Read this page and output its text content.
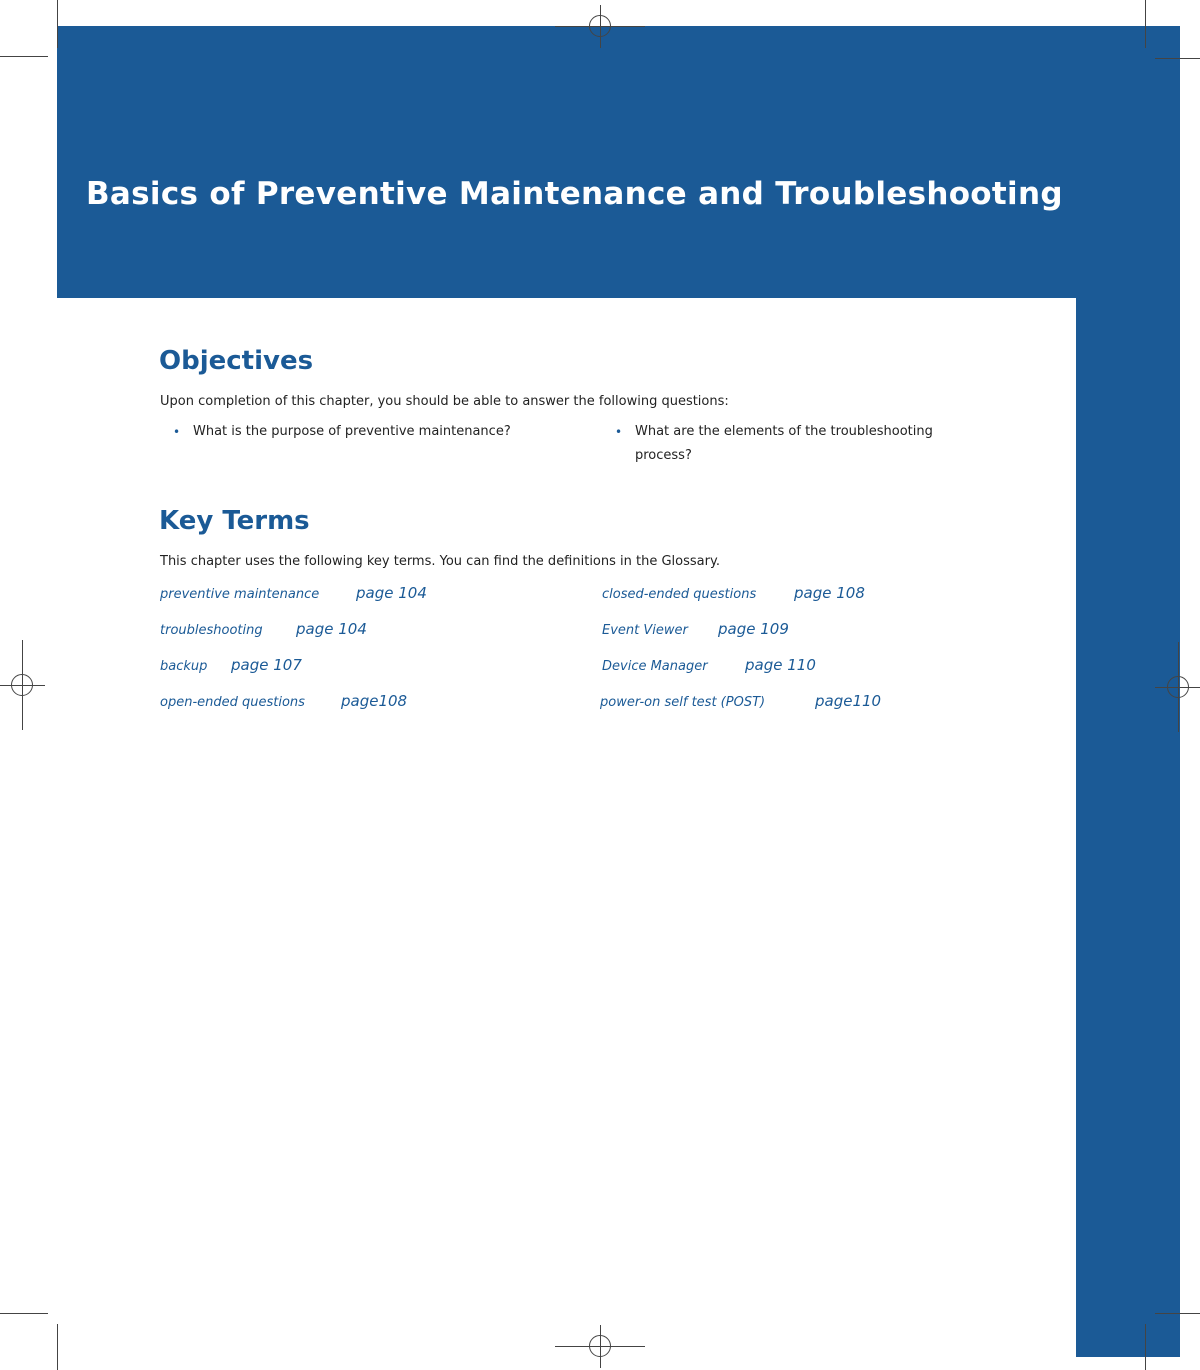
Basics of Preventive Maintenance and Troubleshooting
Objectives

Upon completion of this chapter, you should be able to answer the following questions:

• What is the purpose of preventive maintenance?	• What are the elements of the troubleshooting
process?
Key Terms

This chapter uses the following key terms. You can find the definitions in the Glossary.

preventive maintenance page 104	closed-ended questions	page 108
troubleshooting page 104	Event Viewer page 109
backup page 107	Device Manager page 110
open-ended questions page108	power-on self test (POST)	page110
